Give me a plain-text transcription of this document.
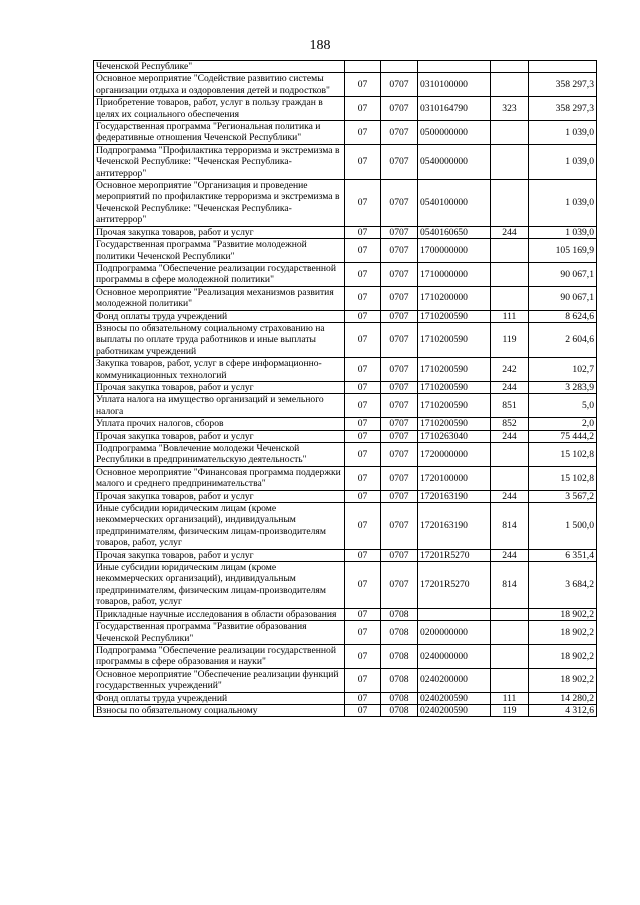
188
Чеченской Республике"					
Основное мероприятие "Содействие развитию системы организации отдыха и оздоровления детей и подростков"	07	0707	0310100000		358 297,3
Приобретение товаров, работ, услуг в пользу граждан в целях их социального обеспечения	07	0707	0310164790	323	358 297,3
Государственная программа "Региональная политика и федеративные отношения Чеченской Республики"	07	0707	0500000000		1 039,0
Подпрограмма "Профилактика терроризма и экстремизма в Чеченской Республике: "Чеченская Республика-антитеррор"	07	0707	0540000000		1 039,0
Основное мероприятие "Организация и проведение мероприятий по профилактике терроризма и экстремизма в Чеченской Республике: "Чеченская Республика-антитеррор"	07	0707	0540100000		1 039,0
Прочая закупка товаров, работ и услуг	07	0707	0540160650	244	1 039,0
Государственная программа "Развитие молодежной политики Чеченской Республики"	07	0707	1700000000		105 169,9
Подпрограмма "Обеспечение реализации государственной программы в сфере молодежной политики"	07	0707	1710000000		90 067,1
Основное мероприятие "Реализация механизмов развития молодежной политики"	07	0707	1710200000		90 067,1
Фонд оплаты труда учреждений	07	0707	1710200590	111	8 624,6
Взносы по обязательному социальному страхованию на выплаты по оплате труда работников и иные выплаты работникам учреждений	07	0707	1710200590	119	2 604,6
Закупка товаров, работ, услуг в сфере информационно-коммуникационных технологий	07	0707	1710200590	242	102,7
Прочая закупка товаров, работ и услуг	07	0707	1710200590	244	3 283,9
Уплата налога на имущество организаций и земельного налога	07	0707	1710200590	851	5,0
Уплата прочих налогов, сборов	07	0707	1710200590	852	2,0
Прочая закупка товаров, работ и услуг	07	0707	1710263040	244	75 444,2
Подпрограмма "Вовлечение молодежи Чеченской Республики в предпринимательскую деятельность"	07	0707	1720000000		15 102,8
Основное мероприятие "Финансовая программа поддержки малого и среднего предпринимательства"	07	0707	1720100000		15 102,8
Прочая закупка товаров, работ и услуг	07	0707	1720163190	244	3 567,2
Иные субсидии юридическим лицам (кроме некоммерческих организаций), индивидуальным предпринимателям, физическим лицам-производителям товаров, работ, услуг	07	0707	1720163190	814	1 500,0
Прочая закупка товаров, работ и услуг	07	0707	17201R5270	244	6 351,4
Иные субсидии юридическим лицам (кроме некоммерческих организаций), индивидуальным предпринимателям, физическим лицам-производителям товаров, работ, услуг	07	0707	17201R5270	814	3 684,2
Прикладные научные исследования в области образования	07	0708			18 902,2
Государственная программа "Развитие образования Чеченской Республики"	07	0708	0200000000		18 902,2
Подпрограмма "Обеспечение реализации государственной программы в сфере образования и науки"	07	0708	0240000000		18 902,2
Основное мероприятие "Обеспечение реализации функций государственных учреждений"	07	0708	0240200000		18 902,2
Фонд оплаты труда учреждений	07	0708	0240200590	111	14 280,2
Взносы по обязательному социальному	07	0708	0240200590	119	4 312,6
